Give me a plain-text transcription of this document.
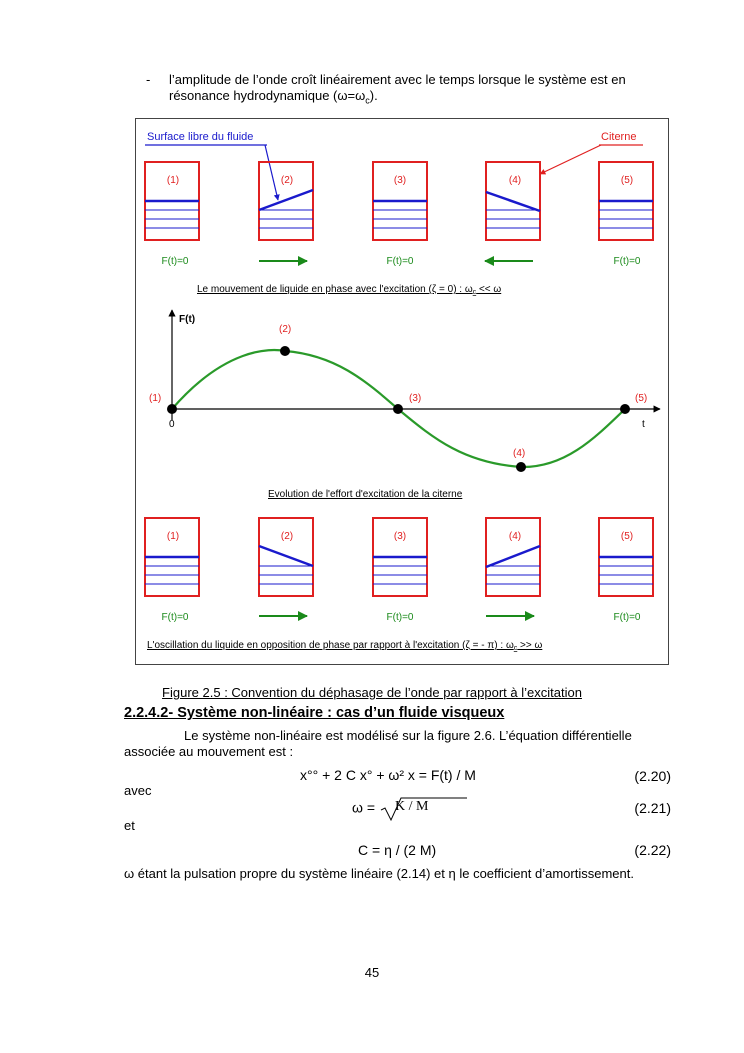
- l’amplitude de l’onde croît linéairement avec le temps lorsque le système est en
résonance hydrodynamique $(\omega=\omega_c)$.
Surface libre du fluide	Citerne
(1)	(2)	(3)	(4)	(5)
F(t)=0	F(t)=0	F(t)=0
Le mouvement de liquide en phase avec l'excitation (ζ = 0) : $\omega_c << \omega$
F(t)
t
0
(1)
(2)
(3)
(4)
(5)
Evolution de l'effort d'excitation de la citerne
(1)	(2)	(3)	(4)	(5)
F(t)=0	F(t)=0	F(t)=0
L'oscillation du liquide en opposition de phase par rapport à l'excitation (ζ = - π) : $\omega_c >> \omega$
Figure 2.5 : Convention du déphasage de l’onde par rapport à l’excitation
2.2.4.2- Système non-linéaire : cas d’un fluide visqueux
Le système non-linéaire est modélisé sur la figure 2.6. L’équation différentielle associée au mouvement est :
x°° + 2 C x° + ω² x = F(t) / M	(2.20)
avec
ω =	K / M	(2.21)
et
C = η / (2 M)	(2.22)
ω étant la pulsation propre du système linéaire (2.14) et η le coefficient d’amortissement.
45
